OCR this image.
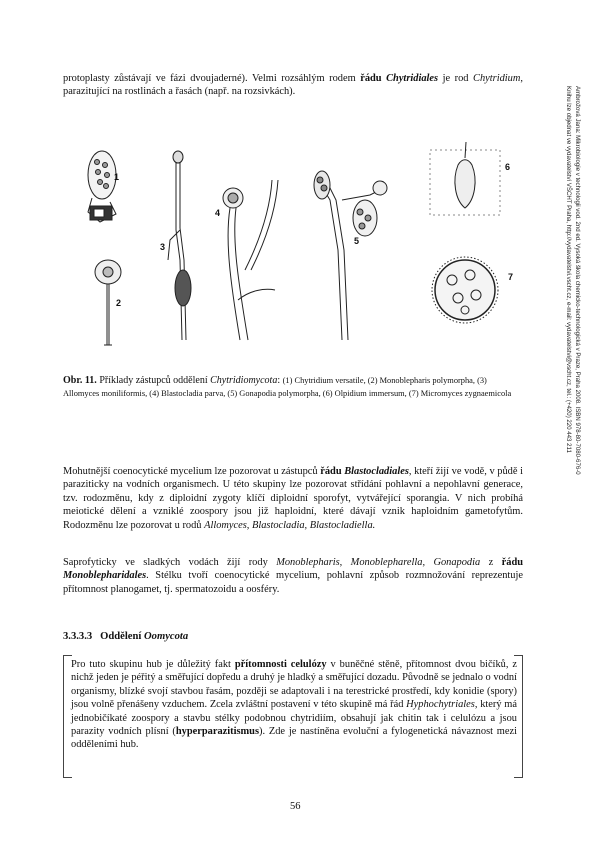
protoplasty zůstávají ve fázi dvoujaderné). Velmi rozsáhlým rodem řádu Chytridiales je rod Chytridium, parazitující na rostlinách a řasách (např. na rozsivkách).

1
2
3
4
5
6
7

Obr. 11. Příklady zástupců oddělení Chytridiomycota: (1) Chytridium versatile, (2) Monoblepharis polymorpha, (3) Allomyces moniliformis, (4) Blastocladia parva, (5) Gonapodia polymorpha, (6) Olpidium immersum, (7) Micromyces zygnaemicola

Mohutnější coenocytické mycelium lze pozorovat u zástupců řádu Blastocladiales, kteří žijí ve vodě, v půdě i paraziticky na vodních organismech. U této skupiny lze pozorovat střídání pohlavní a nepohlavní generace, tzv. rodozměnu, kdy z diploidní zygoty klíčí diploidní sporofyt, vytvářející sporangia. V nich probíhá meiotické dělení a vzniklé zoospory jsou již haploidní, které dávají vznik haploidním gametofytům. Rodozměnu lze pozorovat u rodů Allomyces, Blastocladia, Blastocladiella.

Saprofyticky ve sladkých vodách žijí rody Monoblepharis, Monoblepharella, Gonapodia z řádu Monoblepharidales. Stélku tvoří coenocytické mycelium, pohlavní způsob rozmnožování reprezentuje přítomnost planogamet, tj. spermatozoidu a oosféry.

3.3.3.3 Oddělení Oomycota

Pro tuto skupinu hub je důležitý fakt přítomnosti celulózy v buněčné stěně, přítomnost dvou bičíků, z nichž jeden je péřitý a směřující dopředu a druhý je hladký a směřující dozadu. Původně se jednalo o vodní organismy, blízké svojí stavbou řasám, později se adaptovali i na terestrické prostředí, kdy konidie (spory) jsou volně přenášeny vzduchem. Zcela zvláštní postavení v této skupině má řád Hyphochytriales, který má jednobičíkaté zoospory a stavbu stélky podobnou chytridiím, obsahují jak chitin tak i celulózu a jsou parazity vodních plísní (hyperparazitismus). Zde je nastíněna evoluční a fylogenetická návaznost mezi odděleními hub.

56
Ambrožová Jana: Mikrobiologie v technologii vod. 2nd ed. Vysoká škola chemicko-technologická v Praze, Praha 2008. ISBN 978-80-7080-676-0
Knihu lze objednat ve vydavatelství VŠCHT Praha, http://vydavatelstvi.vscht.cz, e-mail: vydavatelstvi@vscht.cz, tel.: (+420) 220 443 211
